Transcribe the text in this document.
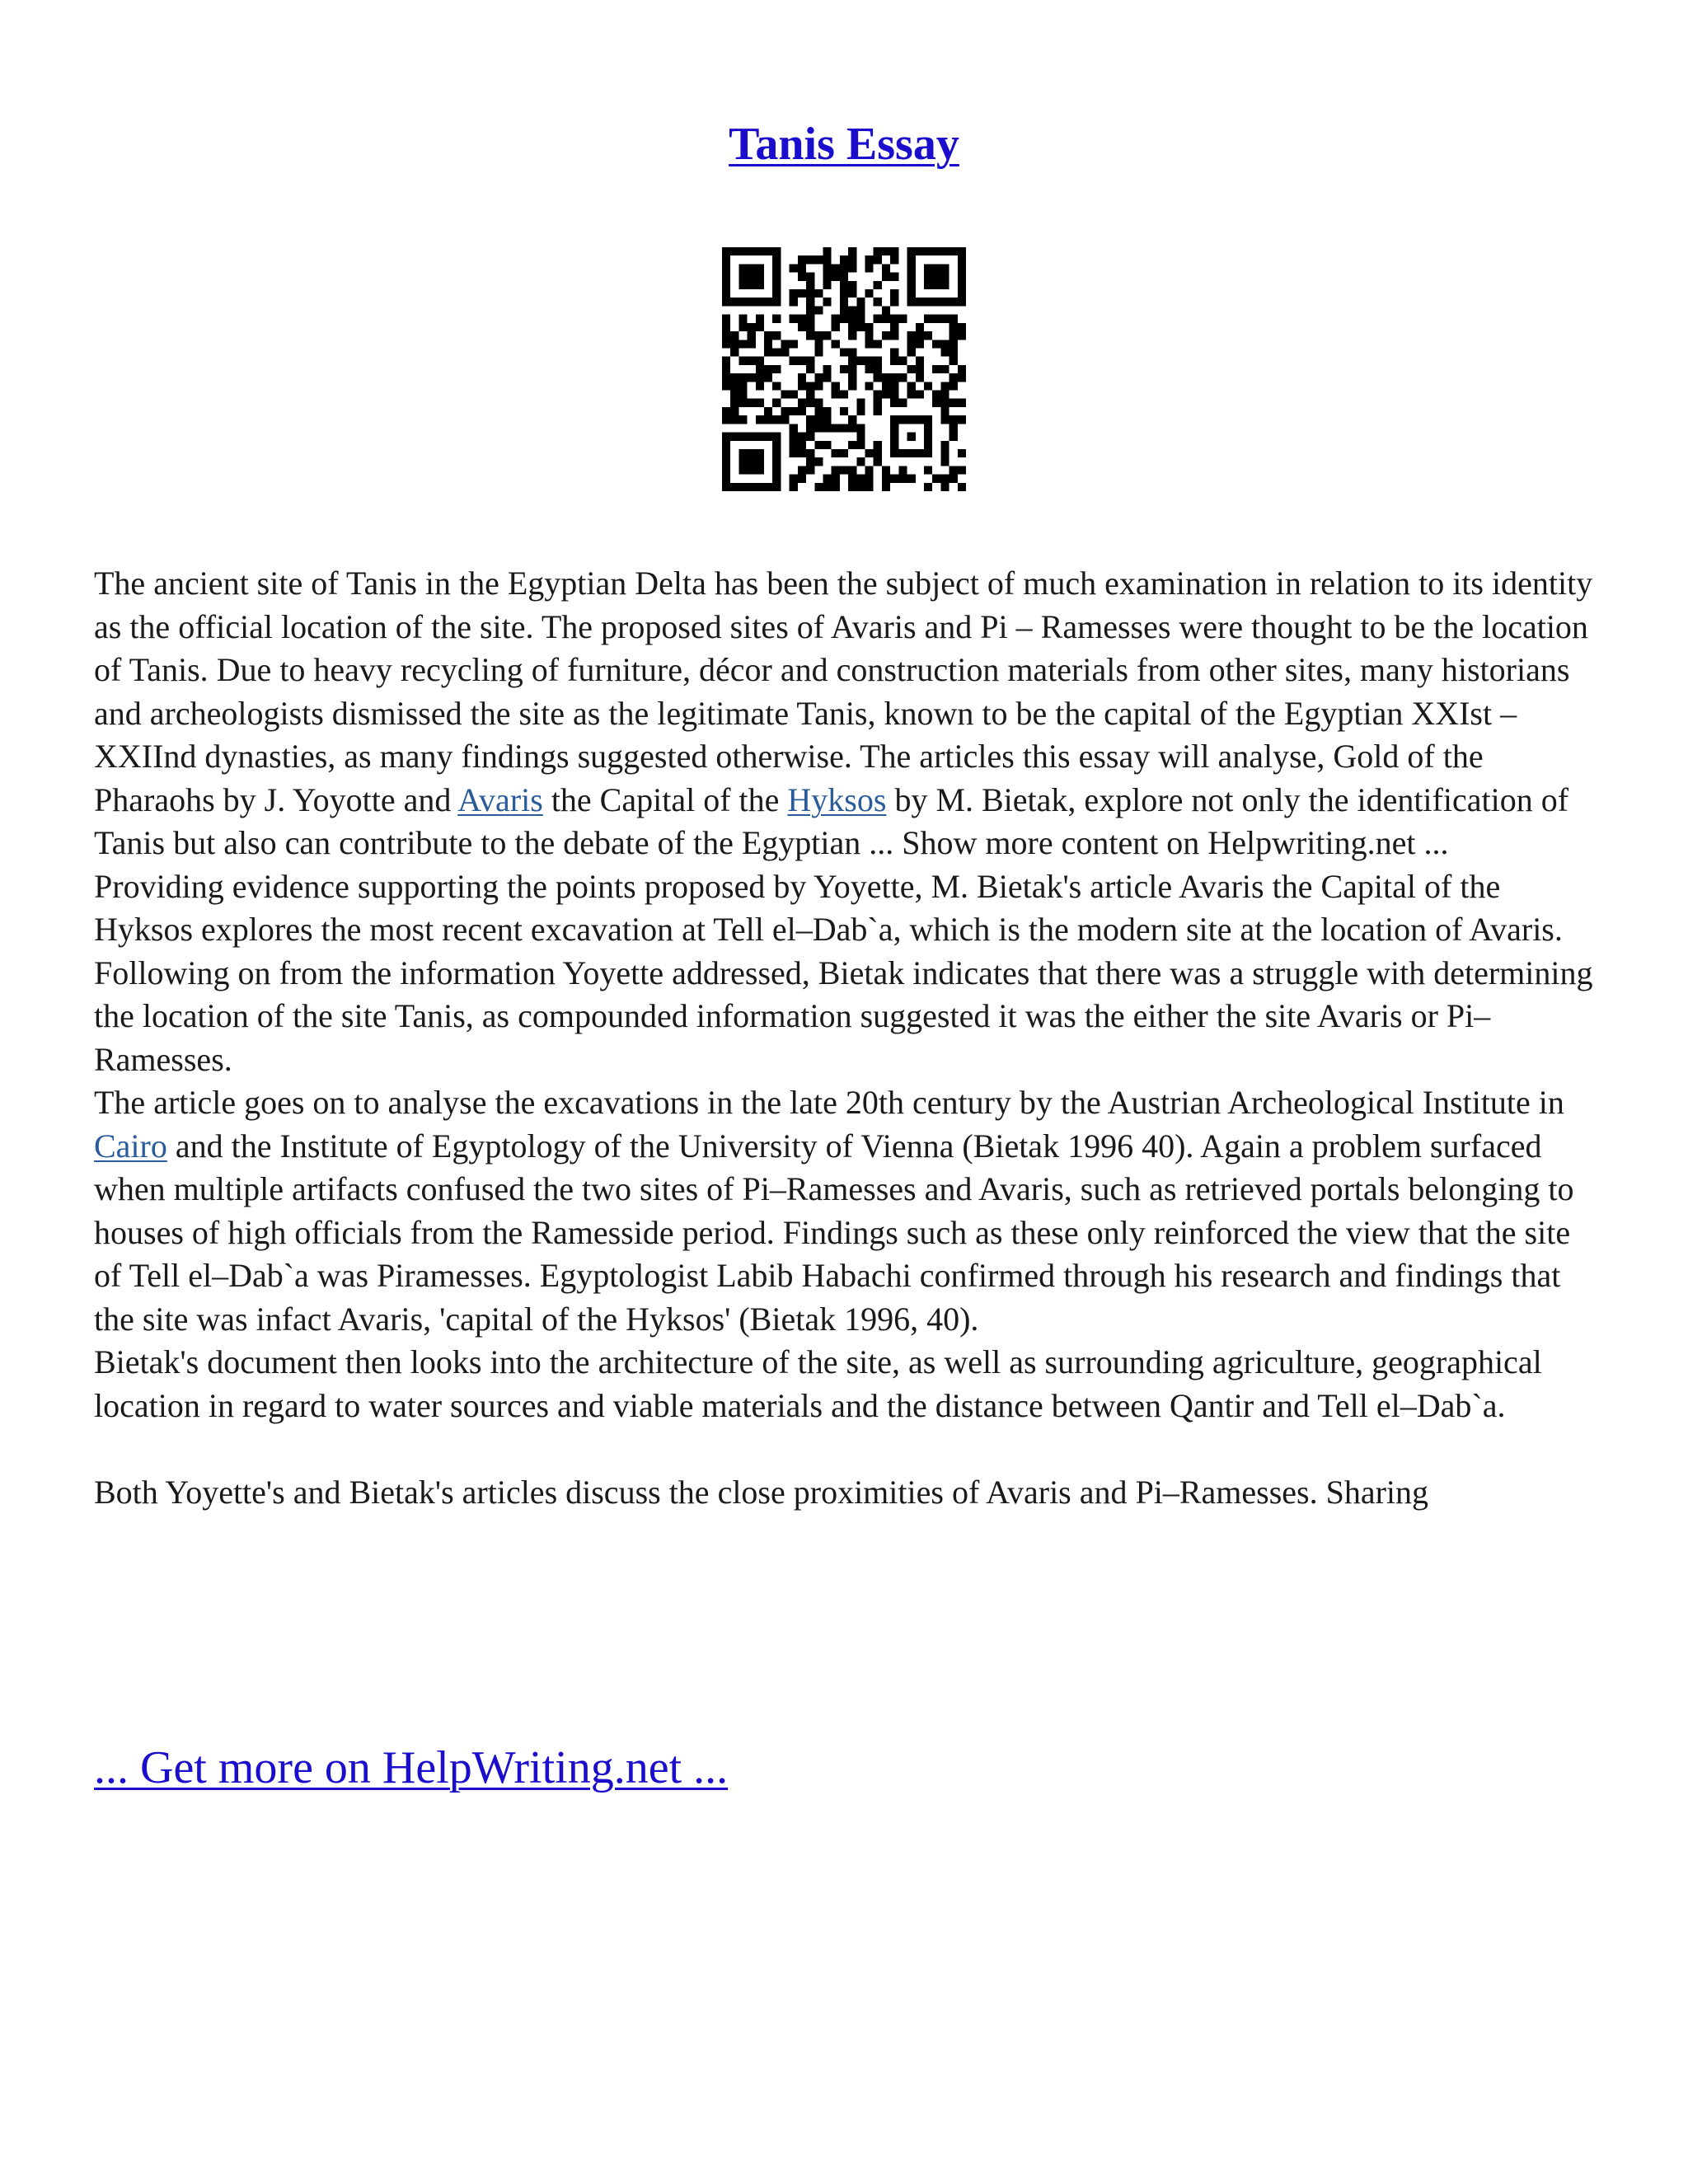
Tanis Essay

The ancient site of Tanis in the Egyptian Delta has been the subject of much examination in relation to its identity as the official location of the site. The proposed sites of Avaris and Pi – Ramesses were thought to be the location of Tanis. Due to heavy recycling of furniture, décor and construction materials from other sites, many historians and archeologists dismissed the site as the legitimate Tanis, known to be the capital of the Egyptian XXIst – XXIInd dynasties, as many findings suggested otherwise. The articles this essay will analyse, Gold of the Pharaohs by J. Yoyotte and Avaris the Capital of the Hyksos by M. Bietak, explore not only the identification of Tanis but also can contribute to the debate of the Egyptian ... Show more content on Helpwriting.net ...

Providing evidence supporting the points proposed by Yoyette, M. Bietak's article Avaris the Capital of the Hyksos explores the most recent excavation at Tell el–Dab`a, which is the modern site at the location of Avaris. Following on from the information Yoyette addressed, Bietak indicates that there was a struggle with determining the location of the site Tanis, as compounded information suggested it was the either the site Avaris or Pi–Ramesses.

The article goes on to analyse the excavations in the late 20th century by the Austrian Archeological Institute in Cairo and the Institute of Egyptology of the University of Vienna (Bietak 1996 40). Again a problem surfaced when multiple artifacts confused the two sites of Pi–Ramesses and Avaris, such as retrieved portals belonging to houses of high officials from the Ramesside period. Findings such as these only reinforced the view that the site of Tell el–Dab`a was Piramesses. Egyptologist Labib Habachi confirmed through his research and findings that the site was infact Avaris, 'capital of the Hyksos' (Bietak 1996, 40).

Bietak's document then looks into the architecture of the site, as well as surrounding agriculture, geographical location in regard to water sources and viable materials and the distance between Qantir and Tell el–Dab`a.

Both Yoyette's and Bietak's articles discuss the close proximities of Avaris and Pi–Ramesses. Sharing

... Get more on HelpWriting.net ...
